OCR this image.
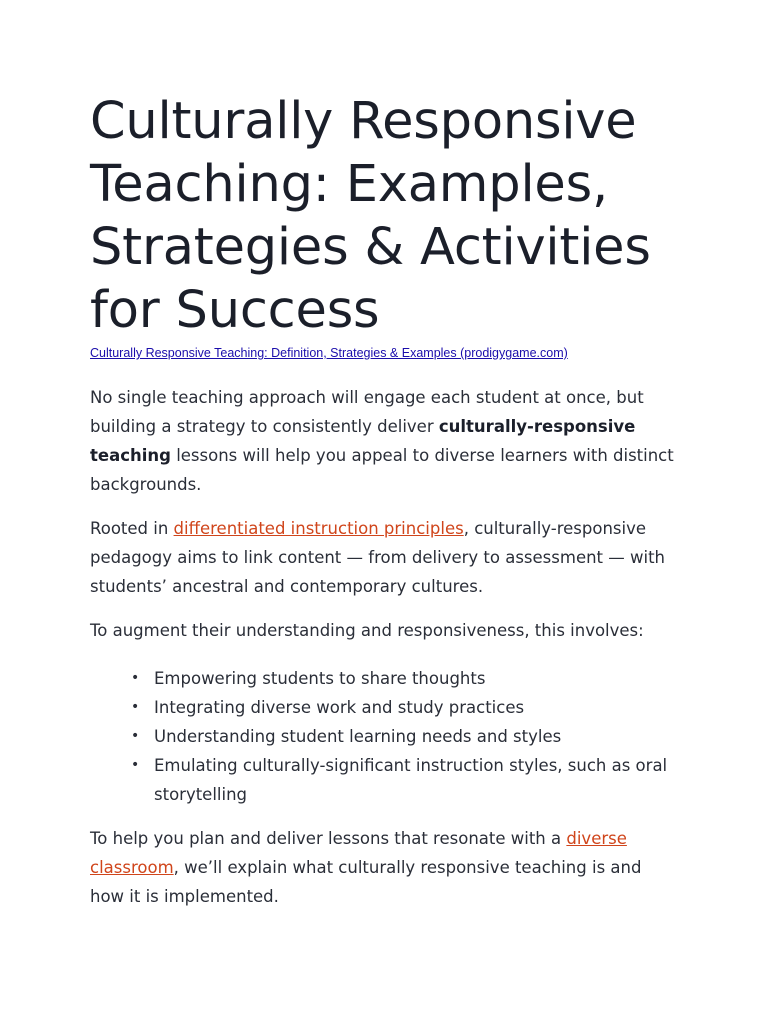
Culturally Responsive Teaching: Examples, Strategies & Activities for Success
Culturally Responsive Teaching: Definition, Strategies & Examples (prodigygame.com)

No single teaching approach will engage each student at once, but building a strategy to consistently deliver culturally-responsive teaching lessons will help you appeal to diverse learners with distinct backgrounds.

Rooted in differentiated instruction principles, culturally-responsive pedagogy aims to link content — from delivery to assessment — with students’ ancestral and contemporary cultures.

To augment their understanding and responsiveness, this involves:

• Empowering students to share thoughts
• Integrating diverse work and study practices
• Understanding student learning needs and styles
• Emulating culturally-significant instruction styles, such as oral storytelling

To help you plan and deliver lessons that resonate with a diverse classroom, we’ll explain what culturally responsive teaching is and how it is implemented.
